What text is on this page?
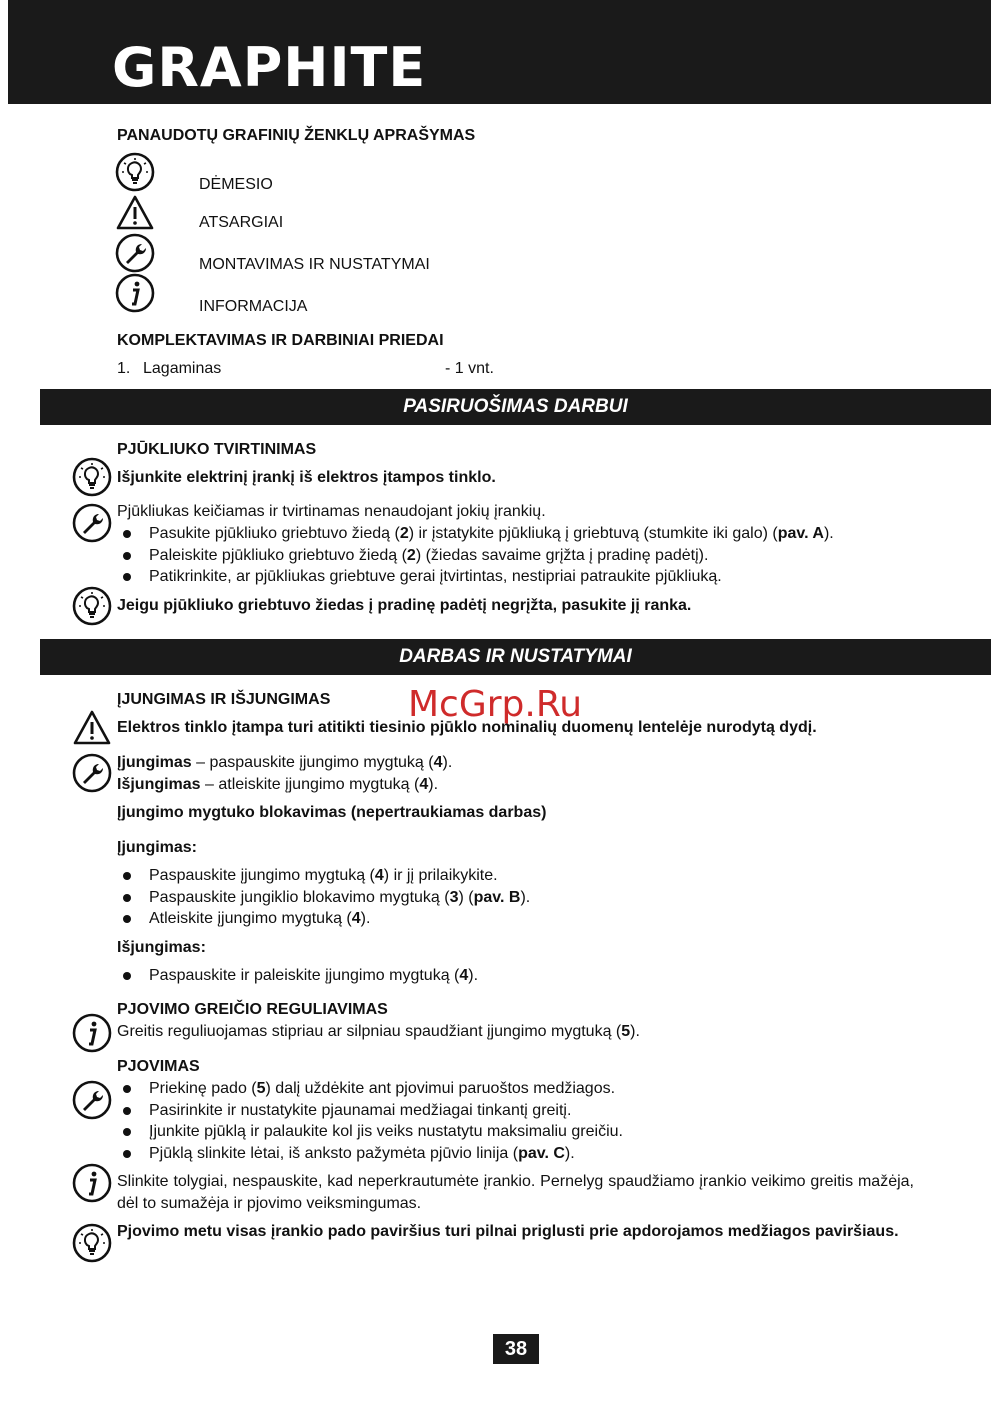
GRAPHITE
PANAUDOTŲ GRAFINIŲ ŽENKLŲ APRAŠYMAS
DĖMESIO
ATSARGIAI
MONTAVIMAS IR NUSTATYMAI
INFORMACIJA
KOMPLEKTAVIMAS IR DARBINIAI PRIEDAI
1. Lagaminas	- 1 vnt.
PASIRUOŠIMAS DARBUI
PJŪKLIUKO TVIRTINIMAS
Išjunkite elektrinį įrankį iš elektros įtampos tinklo.
Pjūkliukas keičiamas ir tvirtinamas nenaudojant jokių įrankių.
Pasukite pjūkliuko griebtuvo žiedą (2) ir įstatykite pjūkliuką į griebtuvą (stumkite iki galo) (pav. A).
Paleiskite pjūkliuko griebtuvo žiedą (2) (žiedas savaime grįžta į pradinę padėtį).
Patikrinkite, ar pjūkliukas griebtuve gerai įtvirtintas, nestipriai patraukite pjūkliuką.
Jeigu pjūkliuko griebtuvo žiedas į pradinę padėtį negrįžta, pasukite jį ranka.
DARBAS IR NUSTATYMAI
ĮJUNGIMAS IR IŠJUNGIMAS
Elektros tinklo įtampa turi atitikti tiesinio pjūklo nominalių duomenų lentelėje nurodytą dydį.
Įjungimas – paspauskite įjungimo mygtuką (4).
Išjungimas – atleiskite įjungimo mygtuką (4).
Įjungimo mygtuko blokavimas (nepertraukiamas darbas)
Įjungimas:
Paspauskite įjungimo mygtuką (4) ir jį prilaikykite.
Paspauskite jungiklio blokavimo mygtuką (3) (pav. B).
Atleiskite įjungimo mygtuką (4).
Išjungimas:
Paspauskite ir paleiskite įjungimo mygtuką (4).
PJOVIMO GREIČIO REGULIAVIMAS
Greitis reguliuojamas stipriau ar silpniau spaudžiant įjungimo mygtuką (5).
PJOVIMAS
Priekinę pado (5) dalį uždėkite ant pjovimui paruoštos medžiagos.
Pasirinkite ir nustatykite pjaunamai medžiagai tinkantį greitį.
Įjunkite pjūklą ir palaukite kol jis veiks nustatytu maksimaliu greičiu.
Pjūklą slinkite lėtai, iš anksto pažymėta pjūvio linija (pav. C).
Slinkite tolygiai, nespauskite, kad neperkrautumėte įrankio. Pernelyg spaudžiamo įrankio veikimo greitis mažėja, dėl to sumažėja ir pjovimo veiksmingumas.
Pjovimo metu visas įrankio pado paviršius turi pilnai priglusti prie apdorojamos medžiagos paviršiaus.
McGrp.Ru
38
